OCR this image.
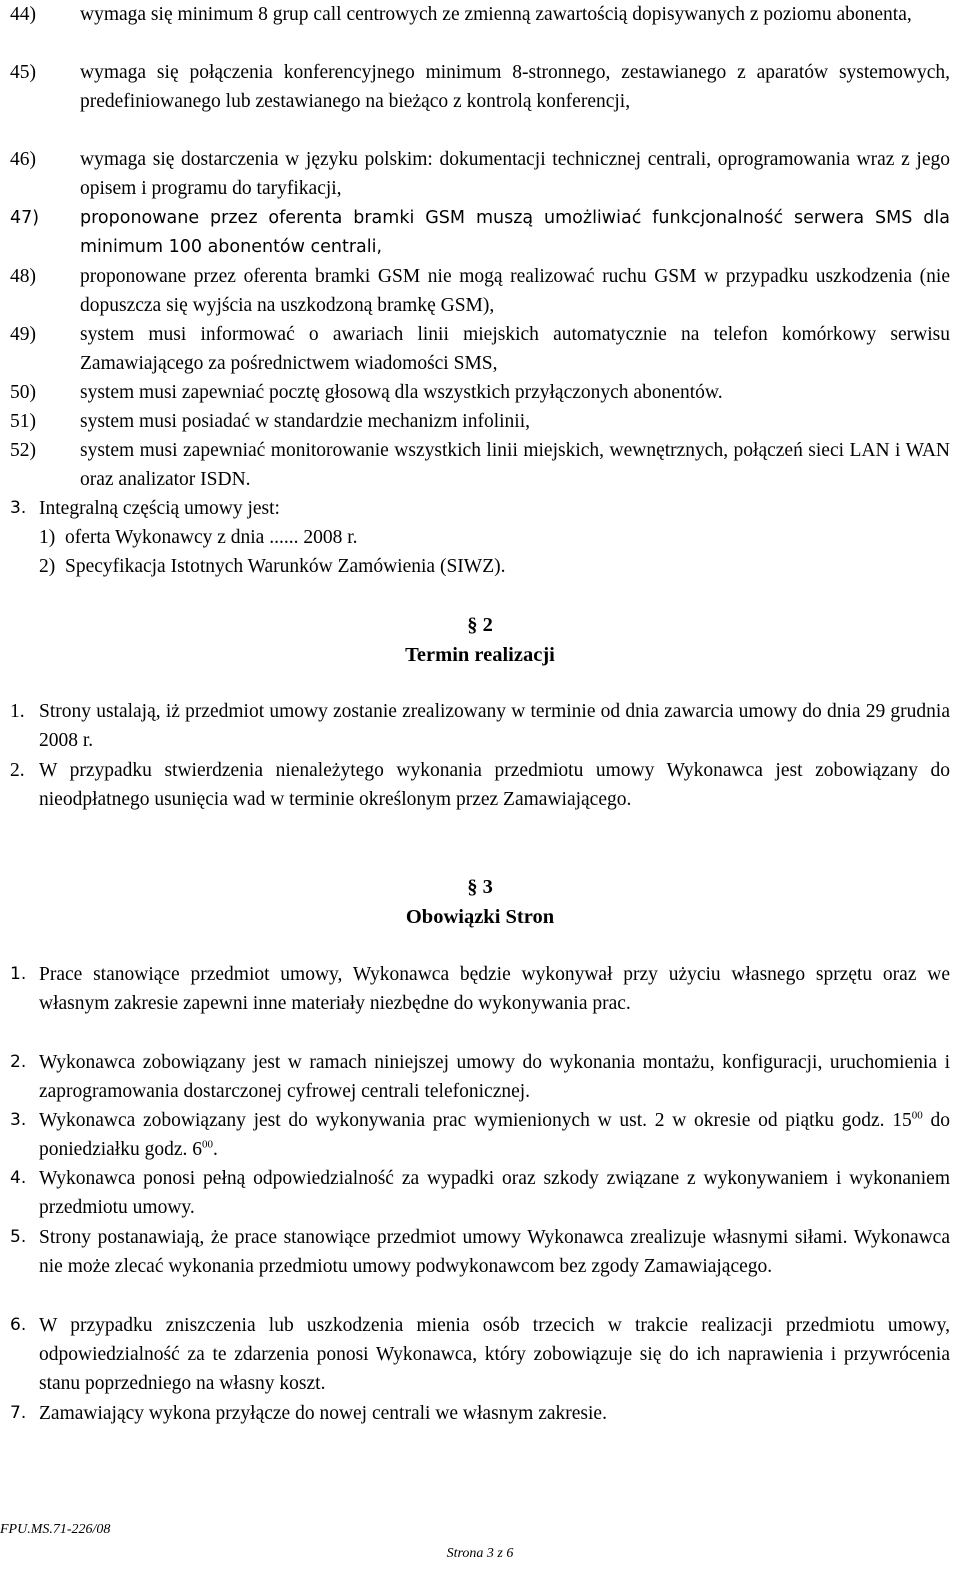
44) wymaga się minimum 8 grup call centrowych ze zmienną zawartością dopisywanych z poziomu abonenta,
45) wymaga się połączenia konferencyjnego minimum 8-stronnego, zestawianego z aparatów systemowych, predefiniowanego lub zestawianego na bieżąco z kontrolą konferencji,
46) wymaga się dostarczenia w języku polskim: dokumentacji technicznej centrali, oprogramowania wraz z jego opisem i programu do taryfikacji,
47) proponowane przez oferenta bramki GSM muszą umożliwiać funkcjonalność serwera SMS dla minimum 100 abonentów centrali,
48) proponowane przez oferenta bramki GSM nie mogą realizować ruchu GSM w przypadku uszkodzenia (nie dopuszcza się wyjścia na uszkodzoną bramkę GSM),
49) system musi informować o awariach linii miejskich automatycznie na telefon komórkowy serwisu Zamawiającego za pośrednictwem wiadomości SMS,
50) system musi zapewniać pocztę głosową dla wszystkich przyłączonych abonentów.
51) system musi posiadać w standardzie mechanizm infolinii,
52) system musi zapewniać monitorowanie wszystkich linii miejskich, wewnętrznych, połączeń sieci LAN i WAN oraz analizator ISDN.
3. Integralną częścią umowy jest:
1) oferta Wykonawcy z dnia ...... 2008 r.
2) Specyfikacja Istotnych Warunków Zamówienia (SIWZ).
§ 2
Termin realizacji
1. Strony ustalają, iż przedmiot umowy zostanie zrealizowany w terminie od dnia zawarcia umowy do dnia 29 grudnia 2008 r.
2. W przypadku stwierdzenia nienależytego wykonania przedmiotu umowy Wykonawca jest zobowiązany do nieodpłatnego usunięcia wad w terminie określonym przez Zamawiającego.
§ 3
Obowiązki Stron
1. Prace stanowiące przedmiot umowy, Wykonawca będzie wykonywał przy użyciu własnego sprzętu oraz we własnym zakresie zapewni inne materiały niezbędne do wykonywania prac.
2. Wykonawca zobowiązany jest w ramach niniejszej umowy do wykonania montażu, konfiguracji, uruchomienia i zaprogramowania dostarczonej cyfrowej centrali telefonicznej.
3. Wykonawca zobowiązany jest do wykonywania prac wymienionych w ust. 2 w okresie od piątku godz. $15^{00}$ do poniedziałku godz. $6^{00}$.
4. Wykonawca ponosi pełną odpowiedzialność za wypadki oraz szkody związane z wykonywaniem i wykonaniem przedmiotu umowy.
5. Strony postanawiają, że prace stanowiące przedmiot umowy Wykonawca zrealizuje własnymi siłami. Wykonawca nie może zlecać wykonania przedmiotu umowy podwykonawcom bez zgody Zamawiającego.
6. W przypadku zniszczenia lub uszkodzenia mienia osób trzecich w trakcie realizacji przedmiotu umowy, odpowiedzialność za te zdarzenia ponosi Wykonawca, który zobowiązuje się do ich naprawienia i przywrócenia stanu poprzedniego na własny koszt.
7. Zamawiający wykona przyłącze do nowej centrali we własnym zakresie.
FPU.MS.71-226/08
Strona 3 z 6
